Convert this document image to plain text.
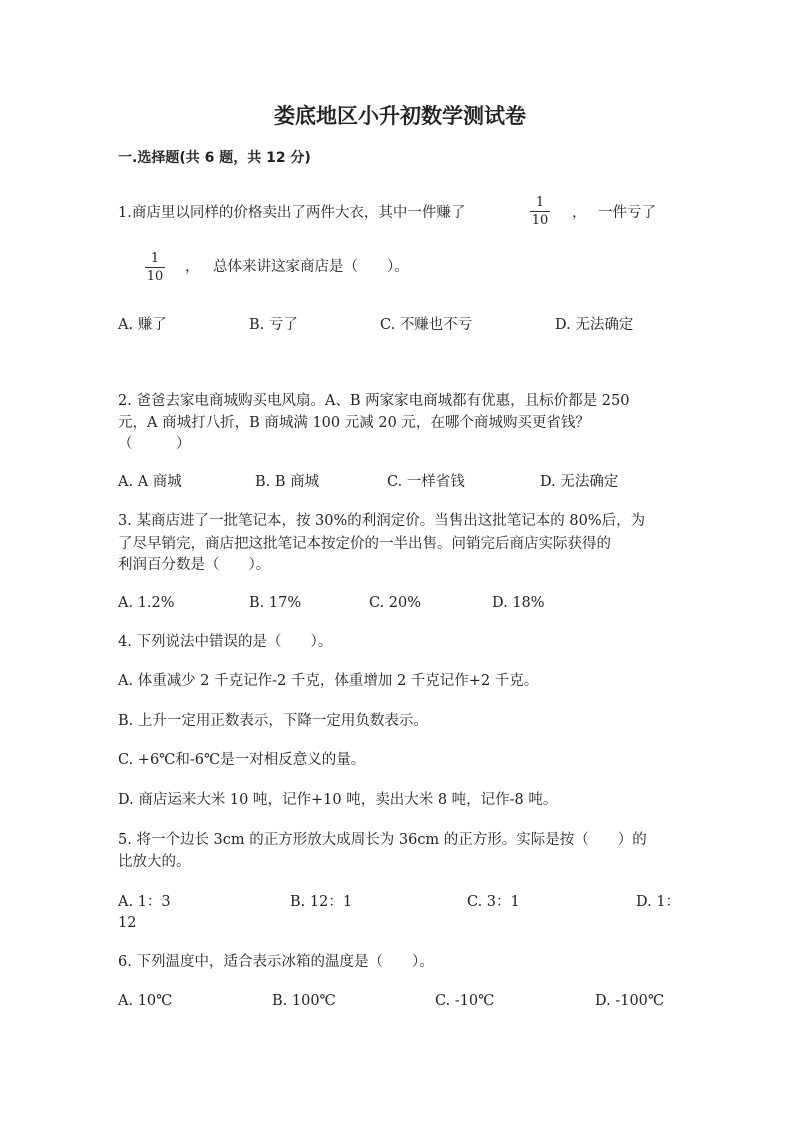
娄底地区小升初数学测试卷
一.选择题(共 6 题，共 12 分)
1.商店里以同样的价格卖出了两件大衣，其中一件赚了
1
10 ， 一件亏了
1
10
， 总体来讲这家商店是（　　）。
A. 赚了	B. 亏了	C. 不赚也不亏	D. 无法确定
2. 爸爸去家电商城购买电风扇。A、B 两家家电商城都有优惠，且标价都是 250
元，A 商城打八折，B 商城满 100 元减 20 元，在哪个商城购买更省钱？
（　　　）
A. A 商城	B. B 商城	C. 一样省钱	D. 无法确定
3. 某商店进了一批笔记本，按 30%的利润定价。当售出这批笔记本的 80%后，为
了尽早销完，商店把这批笔记本按定价的一半出售。问销完后商店实际获得的
利润百分数是（　　）。
A. 1.2%	B. 17%	C. 20%	D. 18%
4. 下列说法中错误的是（　　）。
A. 体重减少 2 千克记作-2 千克，体重增加 2 千克记作+2 千克。
B. 上升一定用正数表示，下降一定用负数表示。
C. +6℃和-6℃是一对相反意义的量。
D. 商店运来大米 10 吨，记作+10 吨，卖出大米 8 吨，记作-8 吨。
5. 将一个边长 3cm 的正方形放大成周长为 36cm 的正方形。实际是按（　　）的
比放大的。
A. 1：3	B. 12：1	C. 3：1	D. 1：
12
6. 下列温度中，适合表示冰箱的温度是（　　）。
A. 10℃	B. 100℃	C. -10℃	D. -100℃
